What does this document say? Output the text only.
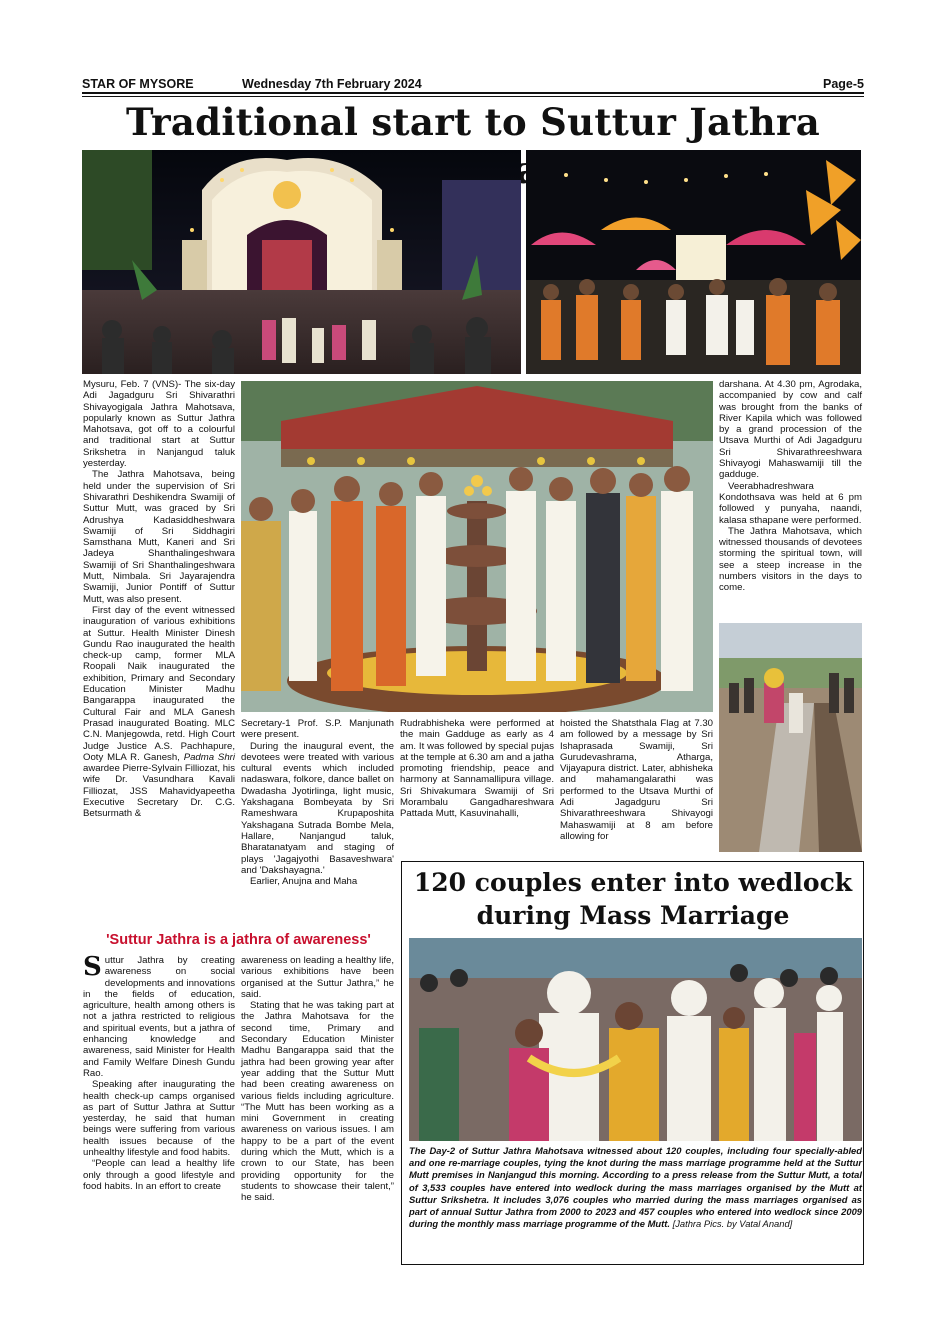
STAR OF MYSORE	Wednesday 7th February 2024	Page-5
Traditional start to Suttur Jathra

Mysuru, Feb. 7 (VNS)- The six-day Adi Jagadguru Sri Shivarathri Shivayogigala Jathra Mahotsava, popularly known as Suttur Jathra Mahotsava, got off to a colourful and traditional start at Suttur Srikshetra in Nanjangud taluk yesterday.

The Jathra Mahotsava, being held under the supervision of Sri Shivarathri Deshikendra Swamiji of Suttur Mutt, was graced by Sri Adrushya Kadasiddheshwara Swamiji of Sri Siddhagiri Samsthana Mutt, Kaneri and Sri Jadeya Shanthalingeshwara Swamiji of Sri Shanthalingeshwara Mutt, Nimbala. Sri Jayarajendra Swamiji, Junior Pontiff of Suttur Mutt, was also present.

First day of the event witnessed inauguration of various exhibitions at Suttur. Health Minister Dinesh Gundu Rao inaugurated the health check-up camp, former MLA Roopali Naik inaugurated the exhibition, Primary and Secondary Education Minister Madhu Bangarappa inaugurated the Cultural Fair and MLA Ganesh Prasad inaugurated Boating. MLC C.N. Manjegowda, retd. High Court Judge Justice A.S. Pachhapure, Ooty MLA R. Ganesh, Padma Shri awardee Pierre-Sylvain Filliozat, his wife Dr. Vasundhara Kavali Filliozat, JSS Mahavidyapeetha Executive Secretary Dr. C.G. Betsurmath &

Secretary-1 Prof. S.P. Manjunath were present.

During the inaugural event, the devotees were treated with various cultural events which included nadaswara, folkore, dance ballet on Dwadasha Jyotirlinga, light music, Yakshagana Bombeyata by Sri Rameshwara Krupaposhita Yakshagana Sutrada Bombe Mela, Hallare, Nanjangud taluk, Bharatanatyam and staging of plays 'Jagajyothi Basaveshwara' and 'Dakshayagna.'

Earlier, Anujna and Maha

Rudrabhisheka were performed at the main Gadduge as early as 4 am. It was followed by special pujas at the temple at 6.30 am and a jatha promoting friendship, peace and harmony at Sannamallipura village. Sri Shivakumara Swamiji of Sri Morambalu Gangadhareshwara Pattada Mutt, Kasuvinahalli,

hoisted the Shatsthala Flag at 7.30 am followed by a message by Sri Ishaprasada Swamiji, Sri Gurudevashrama, Atharga, Vijayapura district. Later, abhisheka and mahamangalarathi was performed to the Utsava Murthi of Adi Jagadguru Sri Shivarathreeshwara Shivayogi Mahaswamiji at 8 am before allowing for

darshana. At 4.30 pm, Agrodaka, accompanied by cow and calf was brought from the banks of River Kapila which was followed by a grand procession of the Utsava Murthi of Adi Jagadguru Sri Shivarathreeshwara Shivayogi Mahaswamiji till the gadduge.

Veerabhadreshwara Kondothsava was held at 6 pm followed y punyaha, naandi, kalasa sthapane were performed.

The Jathra Mahotsava, which witnessed thousands of devotees storming the spiritual town, will see a steep increase in the numbers visitors in the days to come.

'Suttur Jathra is a jathra of awareness'

Suttur Jathra by creating awareness on social developments and innovations in the fields of education, agriculture, health among others is not a jathra restricted to religious and spiritual events, but a jathra of enhancing knowledge and awareness, said Minister for Health and Family Welfare Dinesh Gundu Rao.

Speaking after inaugurating the health check-up camps organised as part of Suttur Jathra at Suttur yesterday, he said that human beings were suffering from various health issues because of the unhealthy lifestyle and food habits.

“People can lead a healthy life only through a good lifestyle and food habits. In an effort to create

awareness on leading a healthy life, various exhibitions have been organised at the Suttur Jathra,” he said.

Stating that he was taking part at the Jathra Mahotsava for the second time, Primary and Secondary Education Minister Madhu Bangarappa said that the jathra had been growing year after year adding that the Suttur Mutt had been creating awareness on various fields including agriculture. “The Mutt has been working as a mini Government in creating awareness on various issues. I am happy to be a part of the event during which the Mutt, which is a crown to our State, has been providing opportunity for the students to showcase their talent,” he said.

120 couples enter into wedlock during Mass Marriage
The Day-2 of Suttur Jathra Mahotsava witnessed about 120 couples, including four specially-abled and one re-marriage couples, tying the knot during the mass marriage programme held at the Suttur Mutt premises in Nanjangud this morning. According to a press release from the Suttur Mutt, a total of 3,533 couples have entered into wedlock during the mass marriages organised by the Mutt at Suttur Srikshetra. It includes 3,076 couples who married during the mass marriages organised as part of annual Suttur Jathra from 2000 to 2023 and 457 couples who entered into wedlock since 2009 during the monthly mass marriage programme of the Mutt. [Jathra Pics. by Vatal Anand]
